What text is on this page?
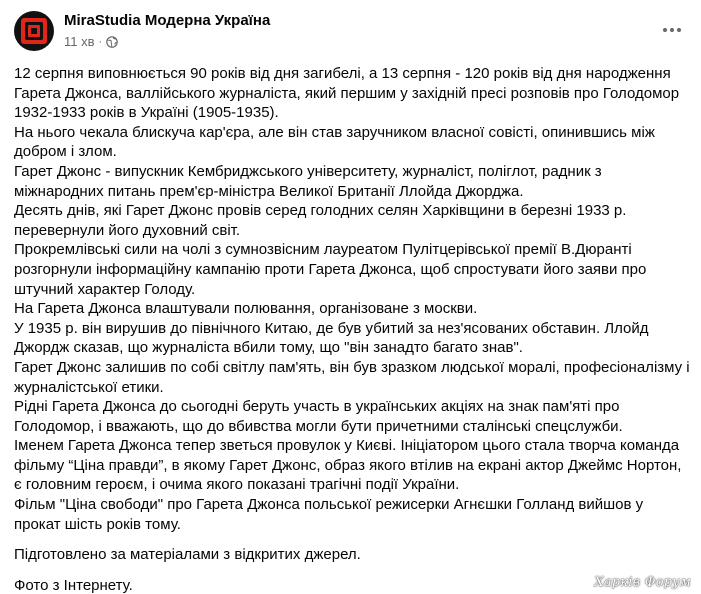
MiraStudia Модерна Україна
11 хв ·

12 серпня виповнюється 90 років від дня загибелі, а 13 серпня - 120 років від дня народження Гарета Джонса, валлійського журналіста, який першим у західній пресі розповів про Голодомор 1932-1933 років в Україні (1905-1935).

На нього чекала блискуча кар'єра, але він став заручником власної совісті, опинившись між добром і злом.

Гарет Джонс - випускник Кембриджського університету, журналіст, поліглот, радник з міжнародних питань прем'єр-міністра Великої Британії Ллойда Джорджа.

Десять днів, які Гарет Джонс провів серед голодних селян Харківщини в березні 1933 р. перевернули його духовний світ.

Прокремлівські сили на чолі з сумнозвісним лауреатом Пулітцерівської премії В.Дюранті розгорнули інформаційну кампанію проти Гарета Джонса, щоб спростувати його заяви про штучний характер Голоду.

На Гарета Джонса влаштували полювання, організоване з москви.

У 1935 р. він вирушив до північного Китаю, де був убитий за нез'ясованих обставин. Ллойд Джордж сказав, що журналіста вбили тому, що "він занадто багато знав".

Гарет Джонс залишив по собі світлу пам'ять, він був зразком людської моралі, професіоналізму і журналістської етики.

Рідні Гарета Джонса до сьогодні беруть участь в українських акціях на знак пам'яті про Голодомор, і вважають, що до вбивства могли бути причетними сталінські спецслужби.

Іменем Гарета Джонса тепер зветься провулок у Києві. Ініціатором цього стала творча команда фільму “Ціна правди”, в якому Гарет Джонс, образ якого втілив на екрані актор Джеймс Нортон, є головним героєм, і очима якого показані трагічні події України.

Фільм "Ціна свободи" про Гарета Джонса польської режисерки Агнєшки Голланд вийшов у прокат шість років тому.

Підготовлено за матеріалами з відкритих джерел.

Фото з Інтернету.	Харків Форум
